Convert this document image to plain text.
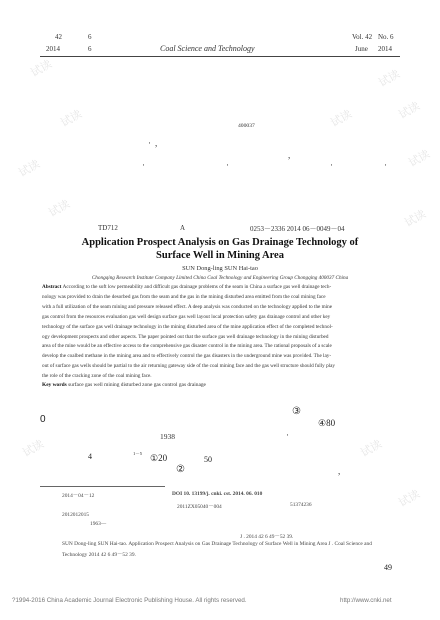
42	6
2014	6	Coal Science and Technology
Vol. 42 No. 6
June 2014
400037
· ,
,
·	·	·	·
TD712	A	0253－2336 2014 06－0049－04
Application Prospect Analysis on Gas Drainage Technology of
Surface Well in Mining Area
SUN Dong-ling SUN Hai-tao
Chongqing Research Institute Company Limited China Coal Technology and Engineering Group Chongqing 400037 China
Abstract According to the soft low permeability and difficult gas drainage problems of the seam in China a surface gas well drainage tech-
nology was provided to drain the desorbed gas from the seam and the gas in the mining disturbed area emitted from the coal mining face
with a full utilization of the seam mining and pressure released effect. A deep analysis was conducted on the technology applied to the mine
gas control from the resources evaluation gas well design surface gas well layout local protection safety gas drainage control and other key
technology of the surface gas well drainage technology in the mining disturbed area of the mine application effect of the completed technol-
ogy development prospects and other aspects. The paper pointed out that the surface gas well drainage technology in the mining disturbed
area of the mine would be an effective access to the comprehensive gas disaster control in the mining area. The rational proposals of a scale
develop the coalbed methane in the mining area and to effectively control the gas disasters in the underground mine was provided. The lay-
out of surface gas wells should be partial to the air returning gateway side of the coal mining face and the gas well structure should fully play
the role of the cracking zone of the coal mining face.
Key words surface gas well mining disturbed zone gas control gas drainage
0
③
④80
1938	·
4	1－5 ①20	50
②	,
2014－04－12	DOI 10. 13199/j. cnki. cst. 2014. 06. 010
2011ZX05040－004	51374236
2012012015
1963—
J . 2014 42 6 49－52 39.
SUN Dong-ling SUN Hai-tao. Application Prospect Analysis on Gas Drainage Technology of Surface Well in Mining Area J . Coal Science and
Technology 2014 42 6 49－52 39.
49
?1994-2016 China Academic Journal Electronic Publishing House. All rights reserved.	http://www.cnki.net
试读
试读
试读
试读
试读
试读
试读
试读
试读
试读
试读
试读
